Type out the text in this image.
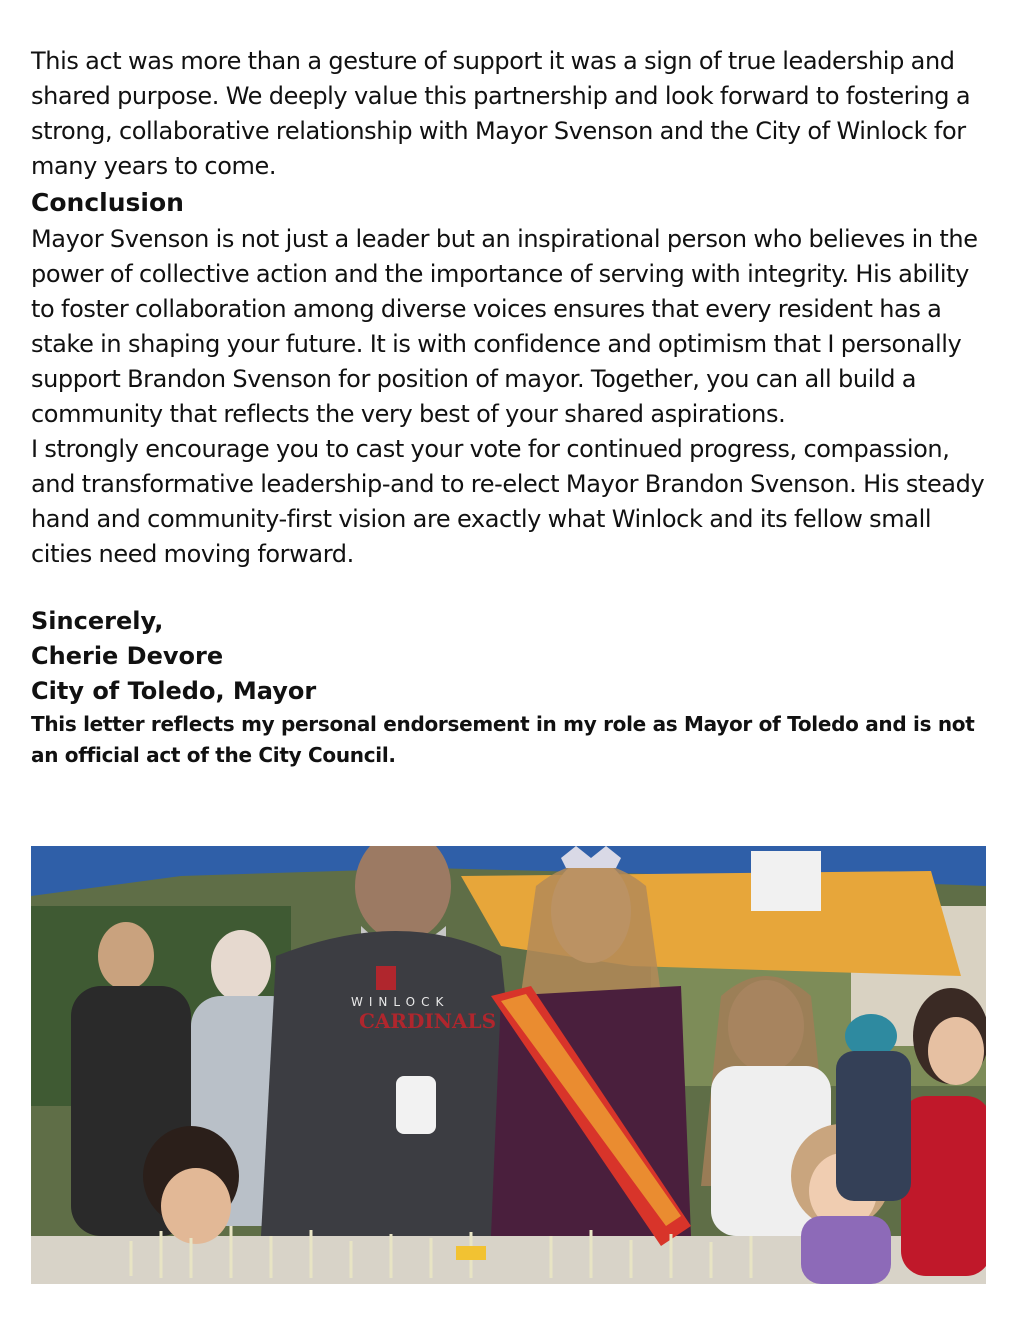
This act was more than a gesture of support it was a sign of true leadership and shared purpose. We deeply value this partnership and look forward to fostering a strong, collaborative relationship with Mayor Svenson and the City of Winlock for many years to come.

Conclusion

Mayor Svenson is not just a leader but an inspirational person who believes in the power of collective action and the importance of serving with integrity. His ability to foster collaboration among diverse voices ensures that every resident has a stake in shaping your future. It is with confidence and optimism that I personally support Brandon Svenson for position of mayor. Together, you can all build a community that reflects the very best of your shared aspirations.

I strongly encourage you to cast your vote for continued progress, compassion, and transformative leadership-and to re-elect Mayor Brandon Svenson. His steady hand and community-first vision are exactly what Winlock and its fellow small cities need moving forward.

Sincerely,

Cherie Devore

City of Toledo, Mayor

This letter reflects my personal endorsement in my role as Mayor of Toledo and is not an official act of the City Council.

WINLOCK
CARDINALS
